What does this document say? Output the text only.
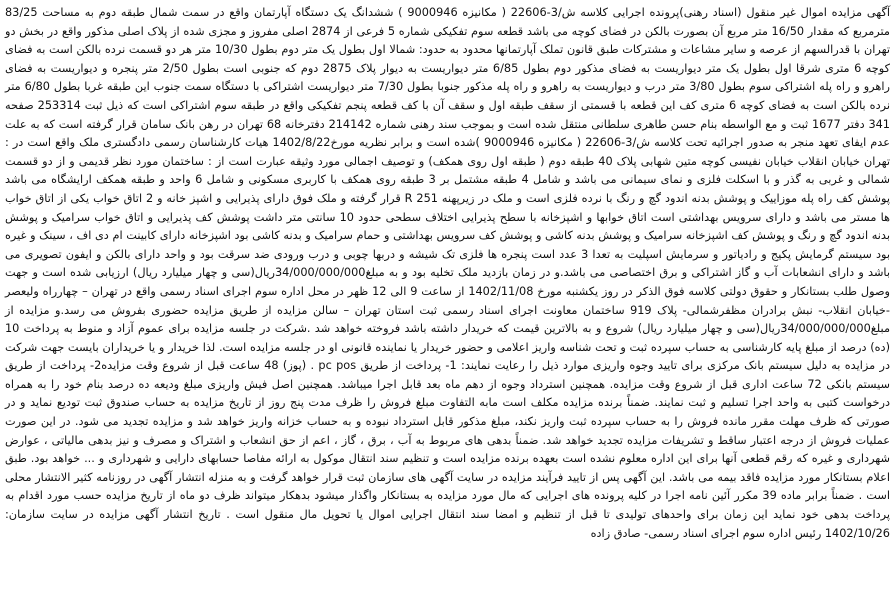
آگهی مزایده اموال غیر منقول (اسناد رهنی)پرونده اجرایی کلاسه ش/3-22606 ( مکانیزه 9000946 ) ششدانگ یک دستگاه آپارتمان واقع در سمت شمال طبقه دوم به مساحت 83/25 مترمربع که مقدار 16/50 متر مربع آن بصورت بالکن در فضای کوچه می باشد قطعه سوم تفکیکی شماره 5 فرعی از 2874 اصلی مفروز و مجزی شده از پلاک اصلی مذکور واقع در بخش دو تهران با قدرالسهم از عرصه و سایر مشاعات و مشترکات طبق قانون تملک آپارتمانها محدود به حدود: شمالا اول بطول یک متر دوم بطول 10/30 متر هر دو قسمت نرده بالکن است به فضای کوچه 6 متری شرقا اول بطول یک متر دیواریست به فضای مذکور دوم بطول 6/85 متر دیواریست به دیوار پلاک 2875 دوم که جنوبی است بطول 2/50 متر پنجره و دیواریست به فضای راهرو و راه پله اشتراکی سوم بطول 3/80 متر درب و دیواریست به راهرو و راه پله مذکور جنوبا بطول 7/30 متر دیواریست اشتراکی با دستگاه سمت جنوب این طبقه غربا بطول 6/80 متر نرده بالکن است به فضای کوچه 6 متری کف این قطعه با قسمتی از سقف طبقه اول و سقف آن با کف قطعه پنجم تفکیکی واقع در طبقه سوم اشتراکی است که ذیل ثبت 253314 صفحه 341 دفتر 1677 ثبت و مع الواسطه بنام حسن طاهری سلطانی منتقل شده است و بموجب سند رهنی شماره 214142 دفترخانه 68 تهران در رهن بانک سامان قرار گرفته است که به علت عدم ایفای تعهد منجر به صدور اجرائیه تحت کلاسه ش/3-22606 ( مکانیزه 9000946 )شده است و برابر نظریه مورخ1402/8/22 هیات کارشناسان رسمی دادگستری ملک واقع است در : تهران خیابان انقلاب خیابان نفیسی کوچه متین شهابی پلاک 40 طبقه دوم ( طبقه اول روی همکف) و توصیف اجمالی مورد وثیقه عبارت است از : ساختمان مورد نظر قدیمی و از دو قسمت شمالی و غربی به گذر و با اسکلت فلزی و نمای سیمانی می باشد و شامل 4 طبقه مشتمل بر 3 طبقه روی همکف با کاربری مسکونی و شامل 6 واحد و طبقه همکف ارایشگاه می باشد پوشش کف راه پله موزاییک و پوشش بدنه اندود گچ و رنگ با نرده فلزی است و ملک در زیرپهنه R 251 قرار گرفته و ملک فوق دارای پذیرایی و اشپز خانه و 2 اتاق خواب یکی از اتاق خواب ها مستر می باشد و دارای سرویس بهداشتی است اتاق خوابها و اشپزخانه با سطح پذیرایی اختلاف سطحی حدود 10 سانتی متر داشت پوشش کف پذیرایی و اتاق خواب سرامیک و پوشش بدنه اندود گچ و رنگ و پوشش کف اشپزخانه سرامیک و پوشش بدنه کاشی و پوشش کف سرویس بهداشتی و حمام سرامیک و بدنه کاشی بود اشپزخانه دارای کابینت ام دی اف ، سینک و غیره بود سیستم گرمایش پکیج و رادیاتور و سرمایش اسپلیت به تعدا 3 عدد است پنجره ها فلزی تک شیشه و دربها چوبی و درب ورودی ضد سرقت بود و واحد دارای بالکن و ایفون تصویری می باشد و دارای انشعابات آب و گاز اشتراکی و برق اختصاصی می باشد.و در زمان بازدید ملک تخلیه بود و به مبلغ34/000/000/000ریال(سی و چهار میلیارد ریال) ارزیابی شده است و جهت وصول طلب بستانکار و حقوق دولتی کلاسه فوق الذکر در روز یکشنبه مورخ 1402/11/08 از ساعت 9 الی 12 ظهر در محل اداره سوم اجرای اسناد رسمی واقع در تهران – چهارراه ولیعصر -خیابان انقلاب- نبش برادران مظفرشمالی- پلاک 919 ساختمان معاونت اجرای اسناد رسمی ثبت استان تهران – سالن مزایده از طریق مزایده حضوری بفروش می رسد.و مزایده از مبلغ34/000/000/000ریال(سی و چهار میلیارد ریال) شروع و به بالاترین قیمت که خریدار داشته باشد فروخته خواهد شد .شرکت در جلسه مزایده برای عموم آزاد و منوط به پرداخت 10 (ده) درصد از مبلغ پایه کارشناسی به حساب سپرده ثبت و تحت شناسه واریز اعلامی و حضور خریدار یا نماینده قانونی او در جلسه مزایده است. لذا خریدار و یا خریداران بایست جهت شرکت در مزایده به دلیل سیستم بانک مرکزی برای تایید وجوه واریزی موارد ذیل را رعایت نمایند: 1- پرداخت از طریق pc pos . (پوز) 48 ساعت قبل از شروع وقت مزایده2- پرداخت از طریق سیستم بانکی 72 ساعت اداری قبل از شروع وقت مزایده. همچنین استرداد وجوه از دهم ماه بعد قابل اجرا میباشد. همچنین اصل فیش واریزی مبلغ ودیعه ده درصد بنام خود را به همراه درخواست کتبی به واحد اجرا تسلیم و ثبت نمایند. ضمناً برنده مزایده مکلف است مابه التفاوت مبلغ فروش را ظرف مدت پنج روز از تاریخ مزایده به حساب صندوق ثبت تودیع نماید و در صورتی که ظرف مهلت مقرر مانده فروش را به حساب سپرده ثبت واریز نکند، مبلغ مذکور قابل استرداد نبوده و به حساب خزانه واریز خواهد شد و مزایده تجدید می شود. در این صورت عملیات فروش از درجه اعتبار ساقط و تشریفات مزایده تجدید خواهد شد. ضمناً بدهی های مربوط به آب ، برق ، گاز ، اعم از حق انشعاب و اشتراک و مصرف و نیز بدهی مالیاتی ، عوارض شهرداری و غیره که رقم قطعی آنها برای این اداره معلوم نشده است بعهده برنده مزایده است و تنظیم سند انتقال موکول به ارائه مفاصا حسابهای دارایی و شهرداری و ... خواهد بود. طبق اعلام بستانکار مورد مزایده فاقد بیمه می باشد. این آگهی پس از تایید فرآیند مزایده در سایت آگهی های سازمان ثبت قرار خواهد گرفت و به منزله انتشار آگهی در روزنامه کثیر الانتشار محلی است . ضمناً برابر ماده 39 مکرر آئین نامه اجرا در کلیه پرونده های اجرایی که مال مورد مزایده به بستانکار واگذار میشود بدهکار میتواند ظرف دو ماه از تاریخ مزایده حسب مورد اقدام به پرداخت بدهی خود نماید این زمان برای واحدهای تولیدی تا قبل از تنظیم و امضا سند انتقال اجرایی اموال یا تحویل مال منقول است . تاریخ انتشار آگهی مزایده در سایت سازمان: 1402/10/26 رئیس اداره سوم اجرای اسناد رسمی- صادق زاده
